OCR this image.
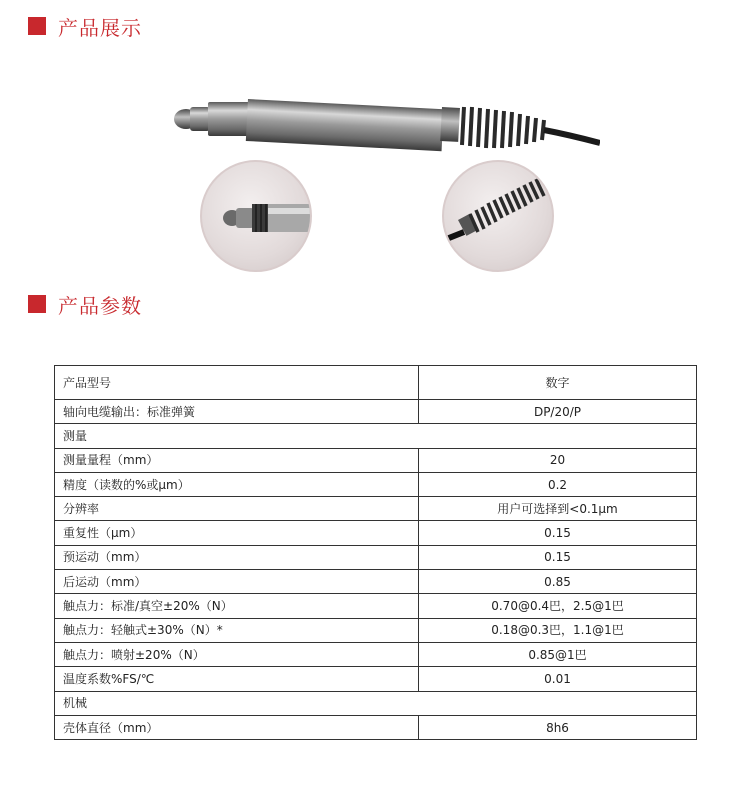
产品展示
产品参数
产品型号	数字
轴向电缆输出：标准弹簧	DP/20/P
测量	
测量量程（mm）	20
精度（读数的%或μm）	0.2
分辨率	用户可选择到<0.1μm
重复性（μm）	0.15
预运动（mm）	0.15
后运动（mm）	0.85
触点力：标准/真空±20%（N）	0.70@0.4巴，2.5@1巴
触点力：轻触式±30%（N）*	0.18@0.3巴，1.1@1巴
触点力：喷射±20%（N）	0.85@1巴
温度系数%FS/℃	0.01
机械	
壳体直径（mm）	8h6
